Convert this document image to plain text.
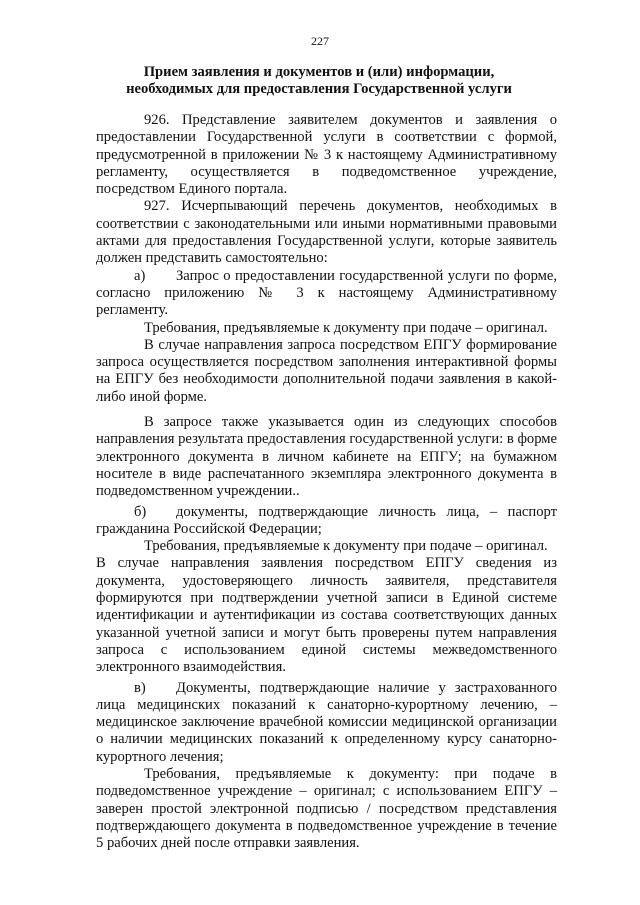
227
Прием заявления и документов и (или) информации,
необходимых для предоставления Государственной услуги

926. Представление заявителем документов и заявления о предоставлении Государственной услуги в соответствии с формой, предусмотренной в приложении № 3 к настоящему Административному регламенту, осуществляется в подведомственное учреждение, посредством Единого портала.

927. Исчерпывающий перечень документов, необходимых в соответствии с законодательными или иными нормативными правовыми актами для предоставления Государственной услуги, которые заявитель должен представить самостоятельно:

а) Запрос о предоставлении государственной услуги по форме, согласно приложению № 3 к настоящему Административному регламенту.

Требования, предъявляемые к документу при подаче – оригинал.

В случае направления запроса посредством ЕПГУ формирование запроса осуществляется посредством заполнения интерактивной формы на ЕПГУ без необходимости дополнительной подачи заявления в какой-либо иной форме.

В запросе также указывается один из следующих способов направления результата предоставления государственной услуги: в форме электронного документа в личном кабинете на ЕПГУ; на бумажном носителе в виде распечатанного экземпляра электронного документа в подведомственном учреждении..

б) документы, подтверждающие личность лица, – паспорт гражданина Российской Федерации;

Требования, предъявляемые к документу при подаче – оригинал.

В случае направления заявления посредством ЕПГУ сведения из документа, удостоверяющего личность заявителя, представителя формируются при подтверждении учетной записи в Единой системе идентификации и аутентификации из состава соответствующих данных указанной учетной записи и могут быть проверены путем направления запроса с использованием единой системы межведомственного электронного взаимодействия.

в) Документы, подтверждающие наличие у застрахованного лица медицинских показаний к санаторно-курортному лечению, – медицинское заключение врачебной комиссии медицинской организации о наличии медицинских показаний к определенному курсу санаторно-курортного лечения;

Требования, предъявляемые к документу: при подаче в подведомственное учреждение – оригинал; с использованием ЕПГУ – заверен простой электронной подписью / посредством представления подтверждающего документа в подведомственное учреждение в течение 5 рабочих дней после отправки заявления.
